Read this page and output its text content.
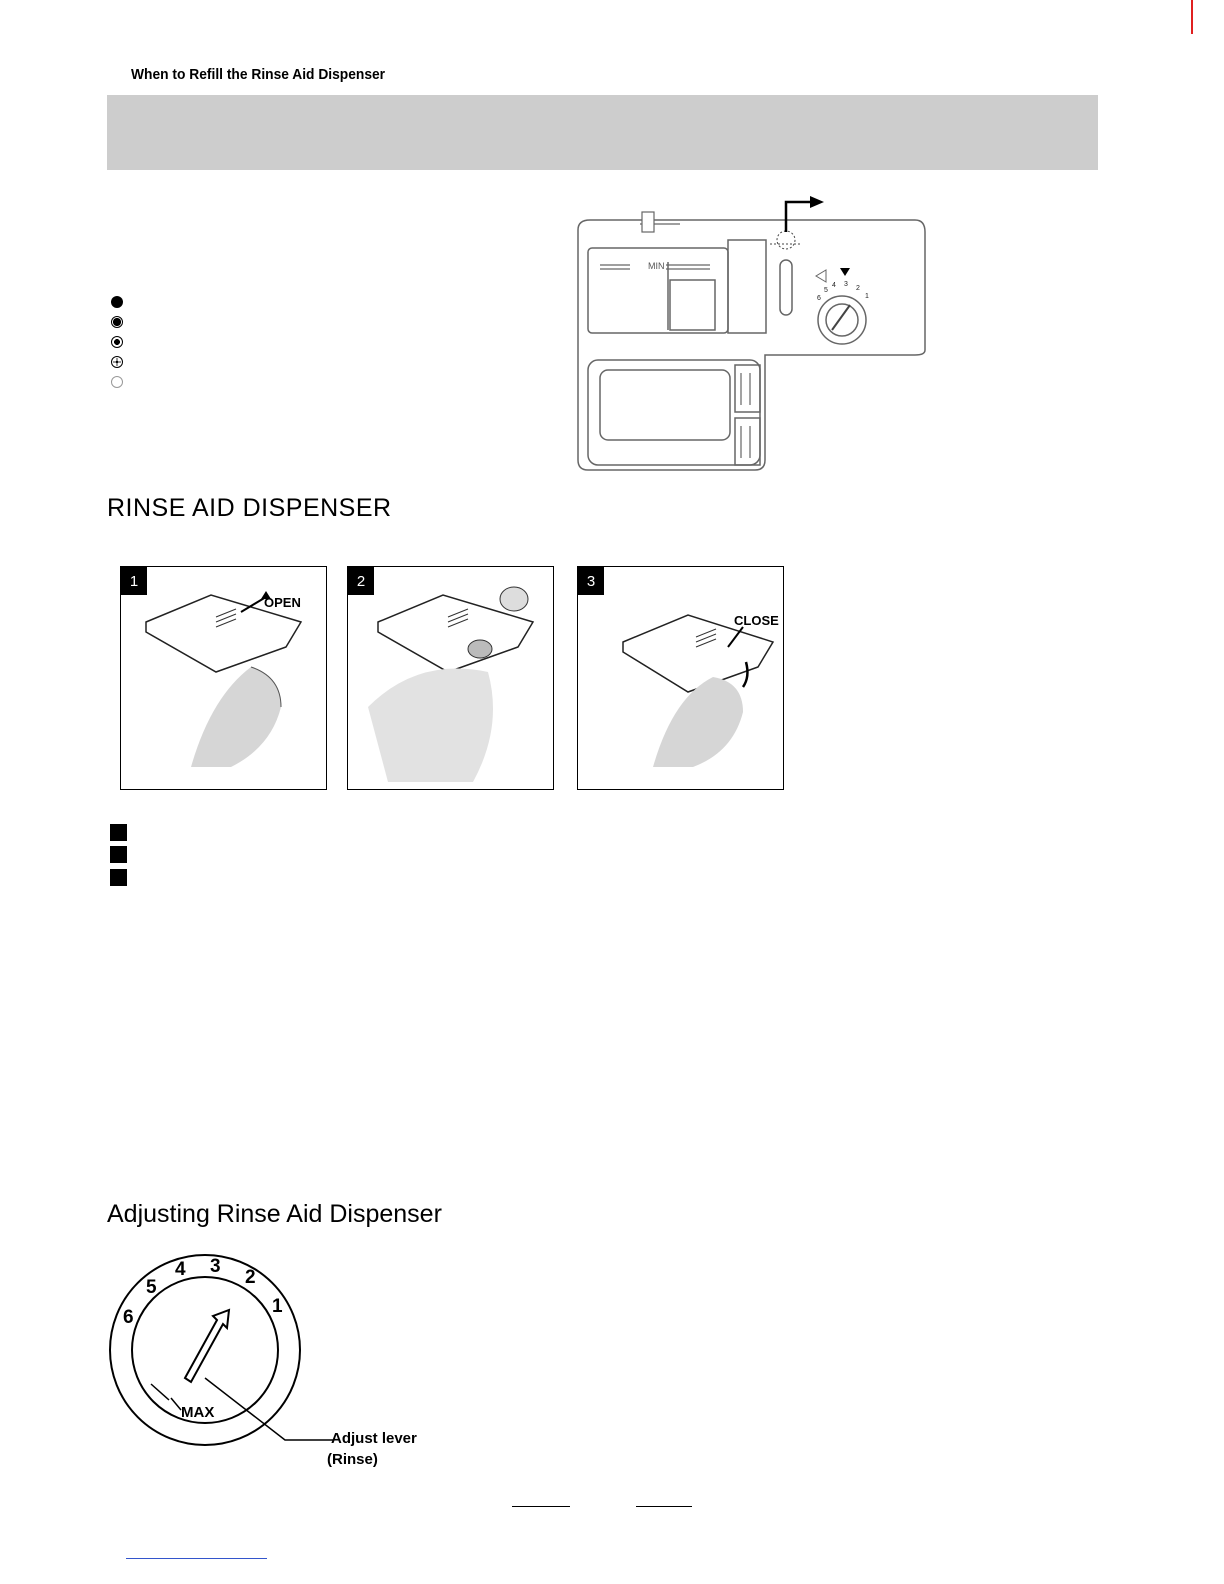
When to Refill the Rinse Aid Dispenser
MIN
6
5
4 3
2
1
RINSE AID DISPENSER
1
OPEN
2	3
CLOSE
Adjusting Rinse Aid Dispenser
6
5
4 3
2
1
MAX
Adjust lever
(Rinse)
